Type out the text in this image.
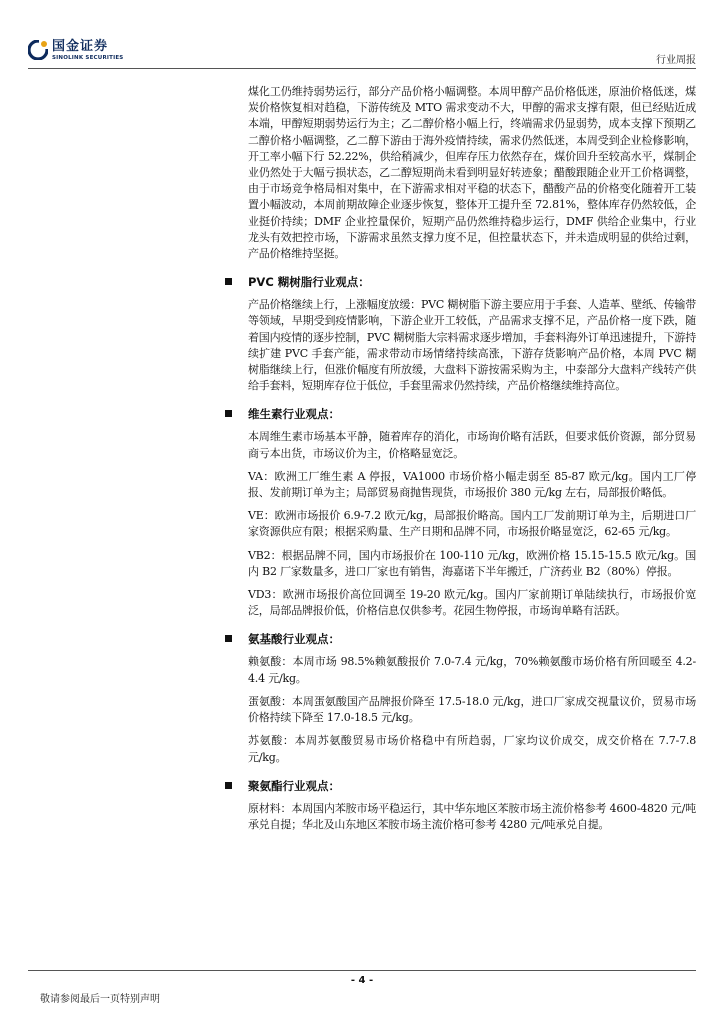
国金证券
SINOLINK SECURITIES	行业周报

煤化工仍维持弱势运行，部分产品价格小幅调整。本周甲醇产品价格低迷，原油价格低迷，煤炭价格恢复相对趋稳，下游传统及 MTO 需求变动不大，甲醇的需求支撑有限，但已经贴近成本端，甲醇短期弱势运行为主；乙二醇价格小幅上行，终端需求仍显弱势，成本支撑下预期乙二醇价格小幅调整，乙二醇下游由于海外疫情持续，需求仍然低迷，本周受到企业检修影响，开工率小幅下行 52.22%，供给稍减少，但库存压力依然存在，煤价回升至较高水平，煤制企业仍然处于大幅亏损状态，乙二醇短期尚未看到明显好转迹象；醋酸跟随企业开工价格调整，由于市场竞争格局相对集中，在下游需求相对平稳的状态下，醋酸产品的价格变化随着开工装置小幅波动，本周前期故障企业逐步恢复，整体开工提升至 72.81%，整体库存仍然较低，企业挺价持续；DMF 企业控量保价，短期产品仍然维持稳步运行，DMF 供给企业集中，行业龙头有效把控市场，下游需求虽然支撑力度不足，但控量状态下，并未造成明显的供给过剩，产品价格维持坚挺。

PVC 糊树脂行业观点：

产品价格继续上行，上涨幅度放缓：PVC 糊树脂下游主要应用于手套、人造革、壁纸、传输带等领域，早期受到疫情影响，下游企业开工较低，产品需求支撑不足，产品价格一度下跌，随着国内疫情的逐步控制，PVC 糊树脂大宗料需求逐步增加，手套料海外订单迅速提升，下游持续扩建 PVC 手套产能，需求带动市场情绪持续高涨，下游存货影响产品价格，本周 PVC 糊树脂继续上行，但涨价幅度有所放缓，大盘料下游按需采购为主，中泰部分大盘料产线转产供给手套料，短期库存位于低位，手套里需求仍然持续，产品价格继续维持高位。

维生素行业观点：

本周维生素市场基本平静，随着库存的消化，市场询价略有活跃，但要求低价资源，部分贸易商亏本出货，市场议价为主，价格略显宽泛。

VA：欧洲工厂维生素 A 停报，VA1000 市场价格小幅走弱至 85-87 欧元/kg。国内工厂停报、发前期订单为主；局部贸易商抛售现货，市场报价 380 元/kg 左右，局部报价略低。

VE：欧洲市场报价 6.9-7.2 欧元/kg，局部报价略高。国内工厂发前期订单为主，后期进口厂家资源供应有限；根据采购量、生产日期和品牌不同，市场报价略显宽泛，62-65 元/kg。

VB2：根据品牌不同，国内市场报价在 100-110 元/kg，欧洲价格 15.15-15.5 欧元/kg。国内 B2 厂家数量多，进口厂家也有销售，海嘉诺下半年搬迁，广济药业 B2（80%）停报。

VD3：欧洲市场报价高位回调至 19-20 欧元/kg。国内厂家前期订单陆续执行，市场报价宽泛，局部品牌报价低，价格信息仅供参考。花园生物停报，市场询单略有活跃。

氨基酸行业观点：

赖氨酸：本周市场 98.5%赖氨酸报价 7.0-7.4 元/kg，70%赖氨酸市场价格有所回暖至 4.2-4.4 元/kg。

蛋氨酸：本周蛋氨酸国产品牌报价降至 17.5-18.0 元/kg，进口厂家成交视量议价，贸易市场价格持续下降至 17.0-18.5 元/kg。

苏氨酸：本周苏氨酸贸易市场价格稳中有所趋弱，厂家均议价成交，成交价格在 7.7-7.8 元/kg。

聚氨酯行业观点：

原材料：本周国内苯胺市场平稳运行，其中华东地区苯胺市场主流价格参考 4600-4820 元/吨承兑自提；华北及山东地区苯胺市场主流价格可参考 4280 元/吨承兑自提。

- 4 -
敬请参阅最后一页特别声明
